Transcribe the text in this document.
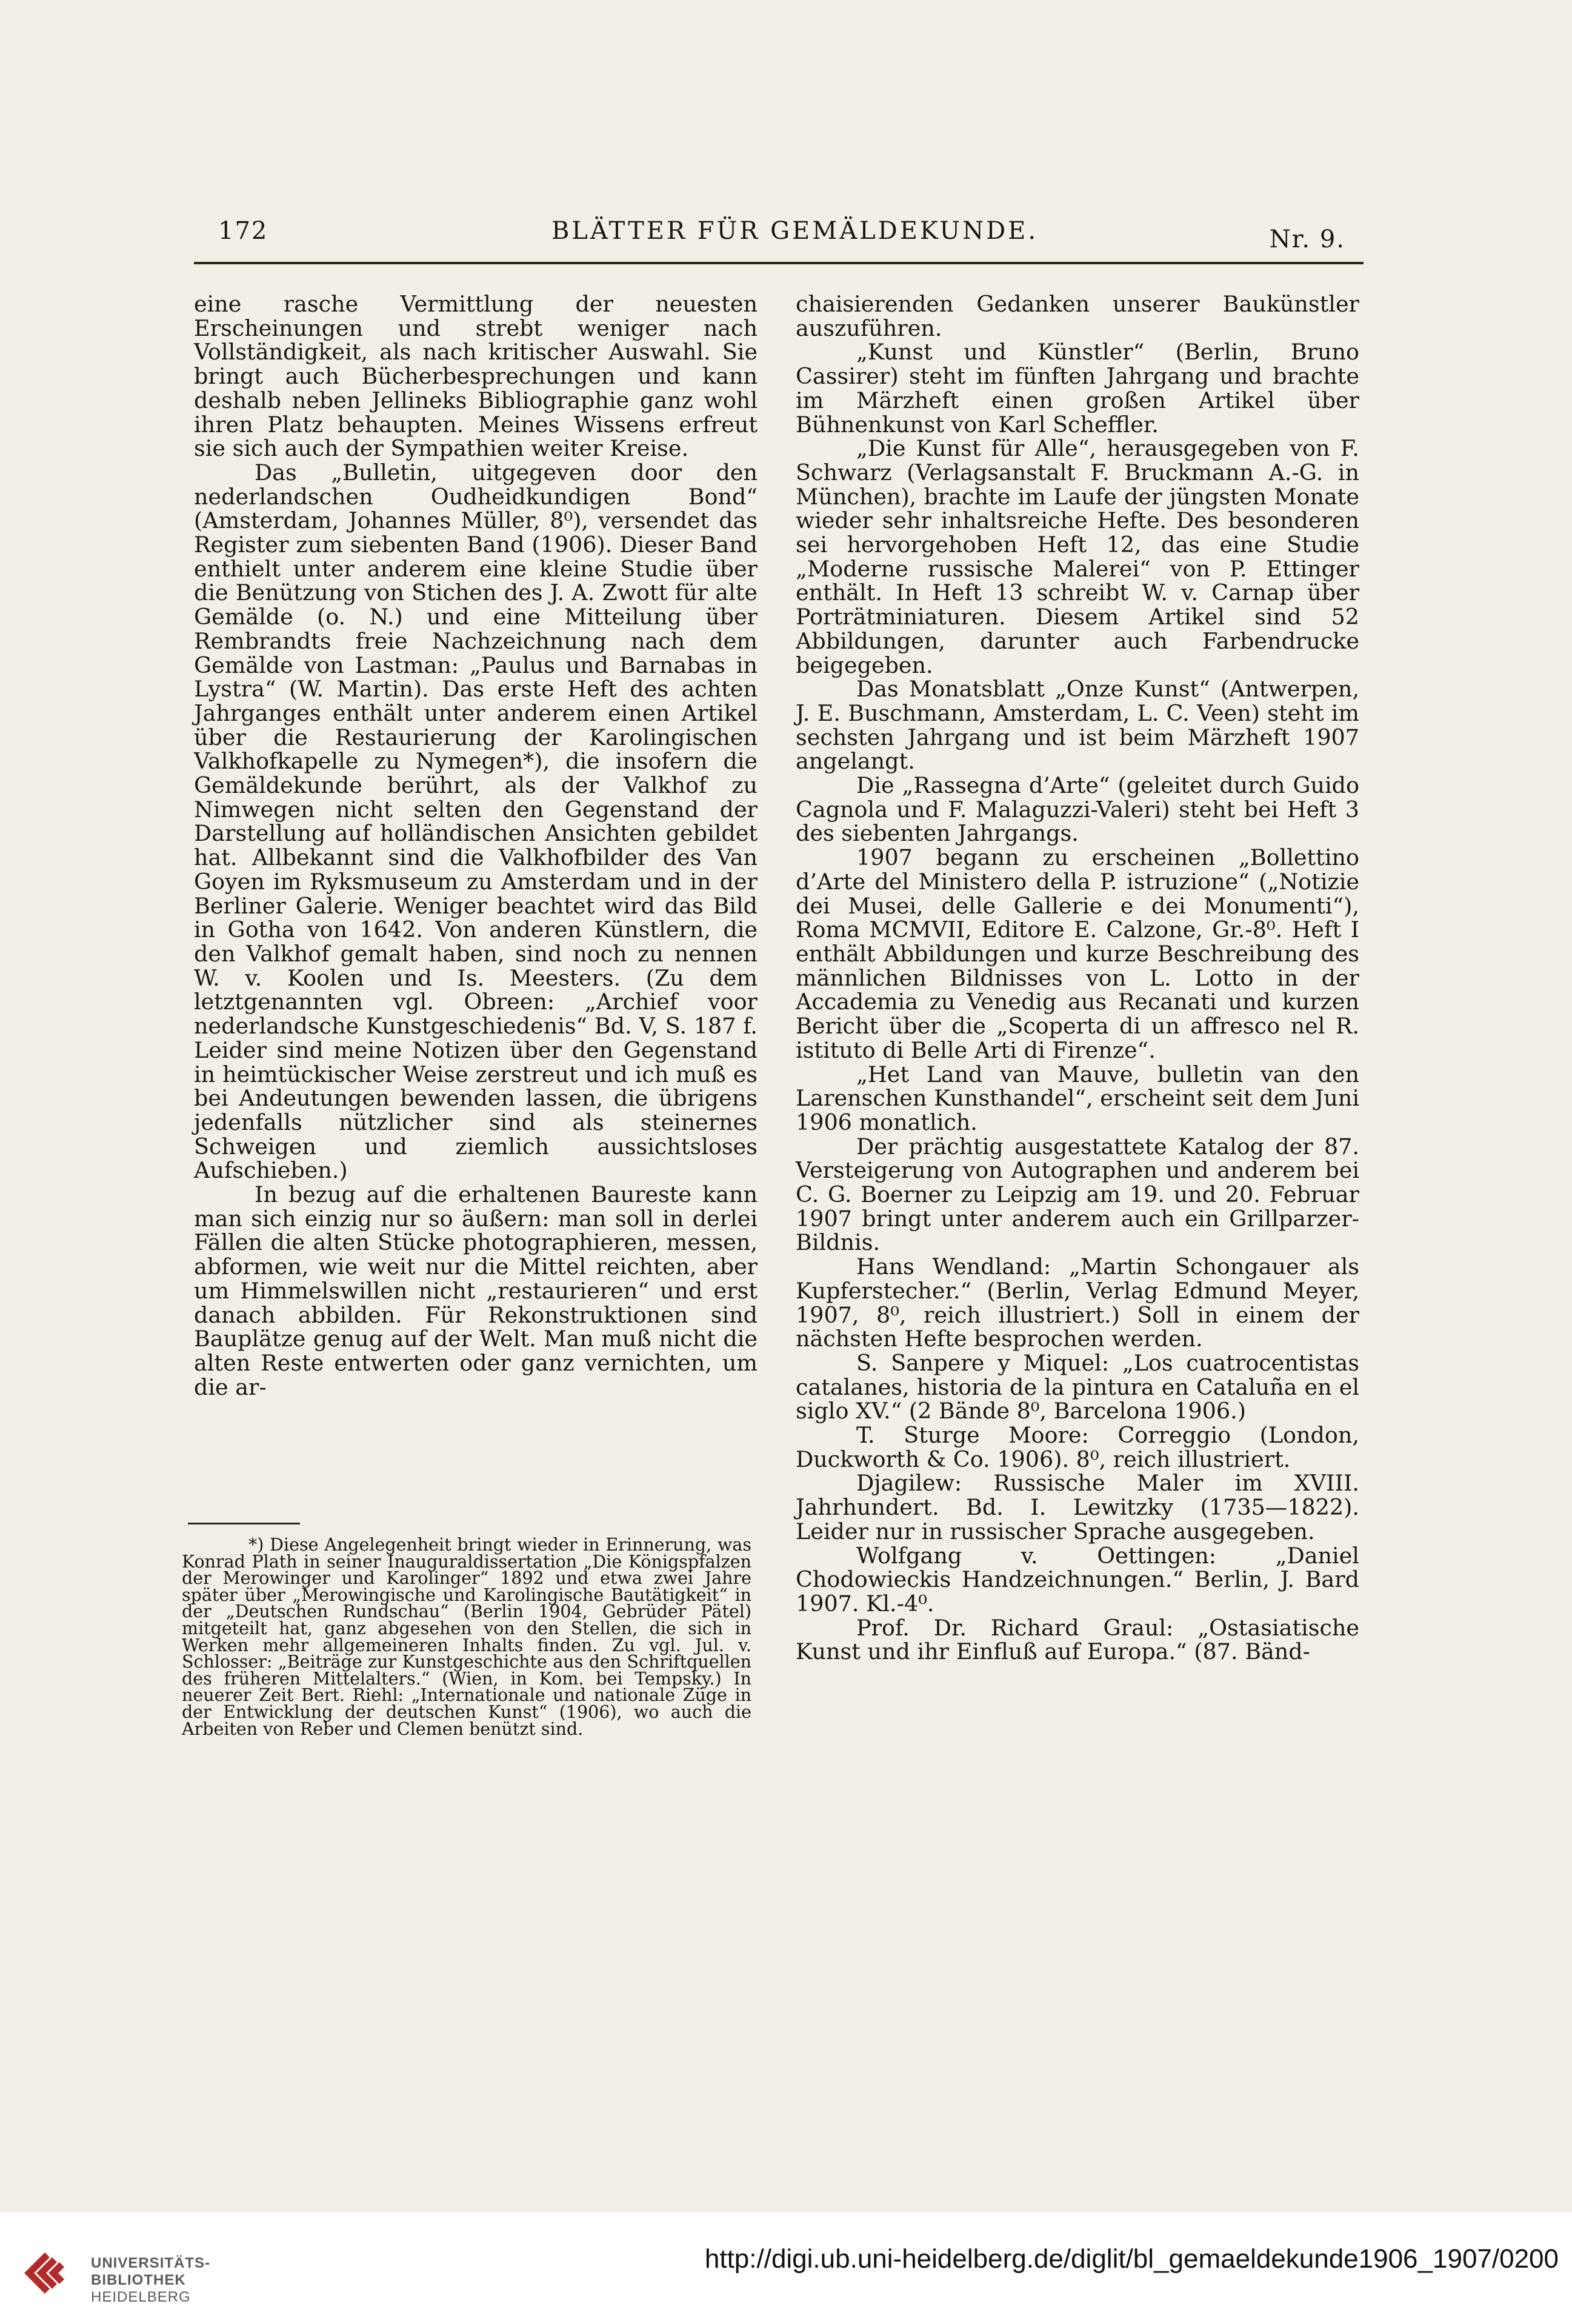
172	BLÄTTER FÜR GEMÄLDEKUNDE.	Nr. 9.

eine rasche Vermittlung der neuesten Erscheinungen und strebt weniger nach Vollständigkeit, als nach kritischer Auswahl. Sie bringt auch Bücherbesprechungen und kann deshalb neben Jellineks Bibliographie ganz wohl ihren Platz behaupten. Meines Wissens erfreut sie sich auch der Sympathien weiter Kreise.

Das „Bulletin, uitgegeven door den nederlandschen Oudheidkundigen Bond“ (Amsterdam, Johannes Müller, 8⁰), versendet das Register zum siebenten Band (1906). Dieser Band enthielt unter anderem eine kleine Studie über die Benützung von Stichen des J. A. Zwott für alte Gemälde (o. N.) und eine Mitteilung über Rembrandts freie Nachzeichnung nach dem Gemälde von Lastman: „Paulus und Barnabas in Lystra“ (W. Martin). Das erste Heft des achten Jahrganges enthält unter anderem einen Artikel über die Restaurierung der Karolingischen Valkhofkapelle zu Nymegen*), die insofern die Gemäldekunde berührt, als der Valkhof zu Nimwegen nicht selten den Gegenstand der Darstellung auf holländischen Ansichten gebildet hat. Allbekannt sind die Valkhofbilder des Van Goyen im Ryksmuseum zu Amsterdam und in der Berliner Galerie. Weniger beachtet wird das Bild in Gotha von 1642. Von anderen Künstlern, die den Valkhof gemalt haben, sind noch zu nennen W. v. Koolen und Is. Meesters. (Zu dem letztgenannten vgl. Obreen: „Archief voor nederlandsche Kunstgeschiedenis“ Bd. V, S. 187 f. Leider sind meine Notizen über den Gegenstand in heimtückischer Weise zerstreut und ich muß es bei Andeutungen bewenden lassen, die übrigens jedenfalls nützlicher sind als steinernes Schweigen und ziemlich aussichtsloses Aufschieben.)

In bezug auf die erhaltenen Baureste kann man sich einzig nur so äußern: man soll in derlei Fällen die alten Stücke photographieren, messen, abformen, wie weit nur die Mittel reichten, aber um Himmelswillen nicht „restaurieren“ und erst danach abbilden. Für Rekonstruktionen sind Bauplätze genug auf der Welt. Man muß nicht die alten Reste entwerten oder ganz vernichten, um die ar-

*) Diese Angelegenheit bringt wieder in Erinnerung, was Konrad Plath in seiner Inauguraldissertation „Die Königspfalzen der Merowinger und Karolinger“ 1892 und etwa zwei Jahre später über „Merowingische und Karolingische Bautätigkeit“ in der „Deutschen Rundschau“ (Berlin 1904, Gebrüder Pätel) mitgeteilt hat, ganz abgesehen von den Stellen, die sich in Werken mehr allgemeineren Inhalts finden. Zu vgl. Jul. v. Schlosser: „Beiträge zur Kunstgeschichte aus den Schriftquellen des früheren Mittelalters.“ (Wien, in Kom. bei Tempsky.) In neuerer Zeit Bert. Riehl: „Internationale und nationale Züge in der Entwicklung der deutschen Kunst“ (1906), wo auch die Arbeiten von Reber und Clemen benützt sind.

chaisierenden Gedanken unserer Baukünstler auszuführen.

„Kunst und Künstler“ (Berlin, Bruno Cassirer) steht im fünften Jahrgang und brachte im Märzheft einen großen Artikel über Bühnenkunst von Karl Scheffler.

„Die Kunst für Alle“, herausgegeben von F. Schwarz (Verlagsanstalt F. Bruckmann A.-G. in München), brachte im Laufe der jüngsten Monate wieder sehr inhaltsreiche Hefte. Des besonderen sei hervorgehoben Heft 12, das eine Studie „Moderne russische Malerei“ von P. Ettinger enthält. In Heft 13 schreibt W. v. Carnap über Porträtminiaturen. Diesem Artikel sind 52 Abbildungen, darunter auch Farbendrucke beigegeben.

Das Monatsblatt „Onze Kunst“ (Antwerpen, J. E. Buschmann, Amsterdam, L. C. Veen) steht im sechsten Jahrgang und ist beim Märzheft 1907 angelangt.

Die „Rassegna d’Arte“ (geleitet durch Guido Cagnola und F. Malaguzzi-Valeri) steht bei Heft 3 des siebenten Jahrgangs.

1907 begann zu erscheinen „Bollettino d’Arte del Ministero della P. istruzione“ („Notizie dei Musei, delle Gallerie e dei Monumenti“), Roma MCMVII, Editore E. Calzone, Gr.-8⁰. Heft I enthält Abbildungen und kurze Beschreibung des männlichen Bildnisses von L. Lotto in der Accademia zu Venedig aus Recanati und kurzen Bericht über die „Scoperta di un affresco nel R. istituto di Belle Arti di Firenze“.

„Het Land van Mauve, bulletin van den Larenschen Kunsthandel“, erscheint seit dem Juni 1906 monatlich.

Der prächtig ausgestattete Katalog der 87. Versteigerung von Autographen und anderem bei C. G. Boerner zu Leipzig am 19. und 20. Februar 1907 bringt unter anderem auch ein Grillparzer-Bildnis.

Hans Wendland: „Martin Schongauer als Kupferstecher.“ (Berlin, Verlag Edmund Meyer, 1907, 8⁰, reich illustriert.) Soll in einem der nächsten Hefte besprochen werden.

S. Sanpere y Miquel: „Los cuatrocentistas catalanes, historia de la pintura en Cataluña en el siglo XV.“ (2 Bände 8⁰, Barcelona 1906.)

T. Sturge Moore: Correggio (London, Duckworth & Co. 1906). 8⁰, reich illustriert.

Djagilew: Russische Maler im XVIII. Jahrhundert. Bd. I. Lewitzky (1735—1822). Leider nur in russischer Sprache ausgegeben.

Wolfgang v. Oettingen: „Daniel Chodowieckis Handzeichnungen.“ Berlin, J. Bard 1907. Kl.-4⁰.

Prof. Dr. Richard Graul: „Ostasiatische Kunst und ihr Einfluß auf Europa.“ (87. Bänd-

UNIVERSITÄTS-
BIBLIOTHEK
HEIDELBERG
http://digi.ub.uni-heidelberg.de/diglit/bl_gemaeldekunde1906_1907/0200
